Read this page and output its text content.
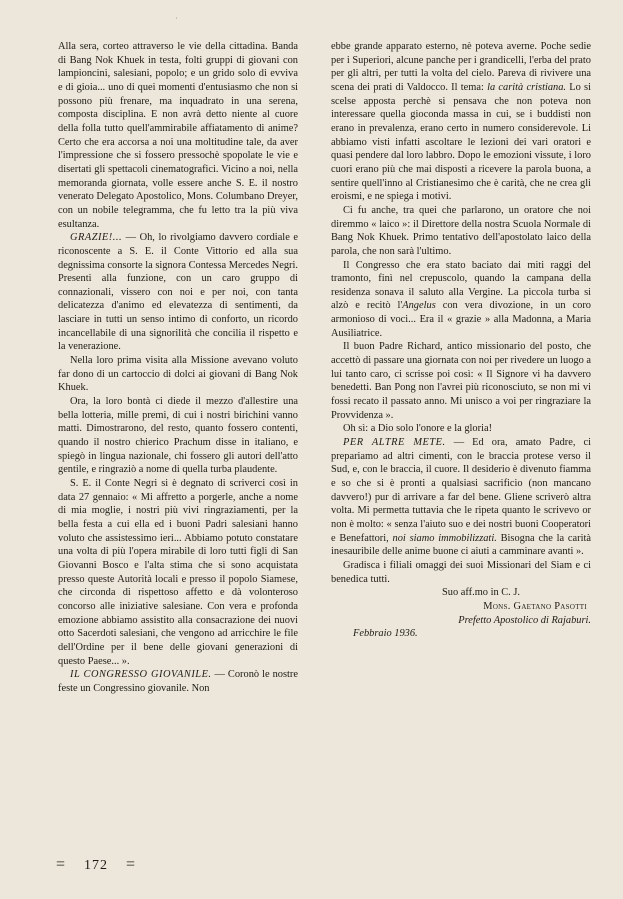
˙

Alla sera, corteo attraverso le vie della cittadina. Banda di Bang Nok Khuek in testa, folti gruppi di giovani con lampioncini, salesiani, popolo; e un grido solo di evviva e di gioia... uno di quei momenti d'entusiasmo che non si possono più frenare, ma inquadrato in una serena, composta disciplina. E non avrà detto niente al cuore della folla tutto quell'ammirabile affiatamento di anime? Certo che era accorsa a noi una moltitudine tale, da aver l'impressione che si fossero pressochè spopolate le vie e disertati gli spettacoli cinematografici. Vicino a noi, nella memoranda giornata, volle essere anche S. E. il nostro venerato Delegato Apostolico, Mons. Columbano Dreyer, con un nobile telegramma, che fu letto tra la più viva esultanza.

GRAZIE!... — Oh, lo rivolgiamo davvero cordiale e riconoscente a S. E. il Conte Vittorio ed alla sua degnissima consorte la signora Contessa Mercedes Negri. Presenti alla funzione, con un caro gruppo di connazionali, vissero con noi e per noi, con tanta delicatezza d'animo ed elevatezza di sentimenti, da lasciare in tutti un senso intimo di conforto, un ricordo incancellabile di una signorilità che concilia il rispetto e la venerazione.

Nella loro prima visita alla Missione avevano voluto far dono di un cartoccio di dolci ai giovani di Bang Nok Khuek.

Ora, la loro bontà ci diede il mezzo d'allestire una bella lotteria, mille premi, di cui i nostri birichini vanno matti. Dimostrarono, del resto, quanto fossero contenti, quando il nostro chierico Prachum disse in italiano, e spiegò in lingua nazionale, chi fossero gli autori dell'atto gentile, e ringraziò a nome di quella turba plaudente.

S. E. il Conte Negri si è degnato di scriverci così in data 27 gennaio: « Mi affretto a porgerle, anche a nome di mia moglie, i nostri più vivi ringraziamenti, per la bella festa a cui ella ed i buoni Padri salesiani hanno voluto che assistessimo ieri... Abbiamo potuto constatare una volta di più l'opera mirabile di loro tutti figli di San Giovanni Bosco e l'alta stima che si sono acquistata presso queste Autorità locali e presso il popolo Siamese, che circonda di rispettoso affetto e dà volonteroso concorso alle iniziative salesiane. Con vera e profonda emozione abbiamo assistito alla consacrazione dei nuovi otto Sacerdoti salesiani, che vengono ad arricchire le file dell'Ordine per il bene delle giovani generazioni di questo Paese... ».

IL CONGRESSO GIOVANILE. — Coronò le nostre feste un Congressino giovanile. Non

ebbe grande apparato esterno, nè poteva averne. Poche sedie per i Superiori, alcune panche per i grandicelli, l'erba del prato per gli altri, per tutti la volta del cielo. Pareva di rivivere una scena dei prati di Valdocco. Il tema: la carità cristiana. Lo si scelse apposta perchè si pensava che non poteva non interessare quella gioconda massa in cui, se i buddisti non erano in prevalenza, erano certo in numero considerevole. Li abbiamo visti infatti ascoltare le lezioni dei vari oratori e quasi pendere dal loro labbro. Dopo le emozioni vissute, i loro cuori erano più che mai disposti a ricevere la parola buona, a sentire quell'inno al Cristianesimo che è carità, che ne crea gli eroismi, e ne spiega i motivi.

Ci fu anche, tra quei che parlarono, un oratore che noi diremmo « laico »: il Direttore della nostra Scuola Normale di Bang Nok Khuek. Primo tentativo dell'apostolato laico della parola, che non sarà l'ultimo.

Il Congresso che era stato baciato dai miti raggi del tramonto, finì nel crepuscolo, quando la campana della residenza sonava il saluto alla Vergine. La piccola turba si alzò e recitò l'Angelus con vera divozione, in un coro armonioso di voci... Era il « grazie » alla Madonna, a Maria Ausiliatrice.

Il buon Padre Richard, antico missionario del posto, che accettò di passare una giornata con noi per rivedere un luogo a lui tanto caro, ci scrisse poi così: « Il Signore vi ha davvero benedetti. Ban Pong non l'avrei più riconosciuto, se non mi vi fossi recato il passato anno. Mi unisco a voi per ringraziare la Provvidenza ».

Oh sì: a Dio solo l'onore e la gloria!

PER ALTRE METE. — Ed ora, amato Padre, ci prepariamo ad altri cimenti, con le braccia protese verso il Sud, e, con le braccia, il cuore. Il desiderio è divenuto fiamma e so che si è pronti a qualsiasi sacrificio (non mancano davvero!) pur di arrivare a far del bene. Gliene scriverò altra volta. Mi permetta tuttavia che le ripeta quanto le scrivevo or non è molto: « senza l'aiuto suo e dei nostri buoni Cooperatori e Benefattori, noi siamo immobilizzati. Bisogna che la carità inesauribile delle anime buone ci aiuti a camminare avanti ».

Gradisca i filiali omaggi dei suoi Missionari del Siam e ci benedica tutti.

Suo aff.mo in C. J.

Mons. Gaetano Pasotti

Prefetto Apostolico di Rajaburi.

Febbraio 1936.

= 172 =
